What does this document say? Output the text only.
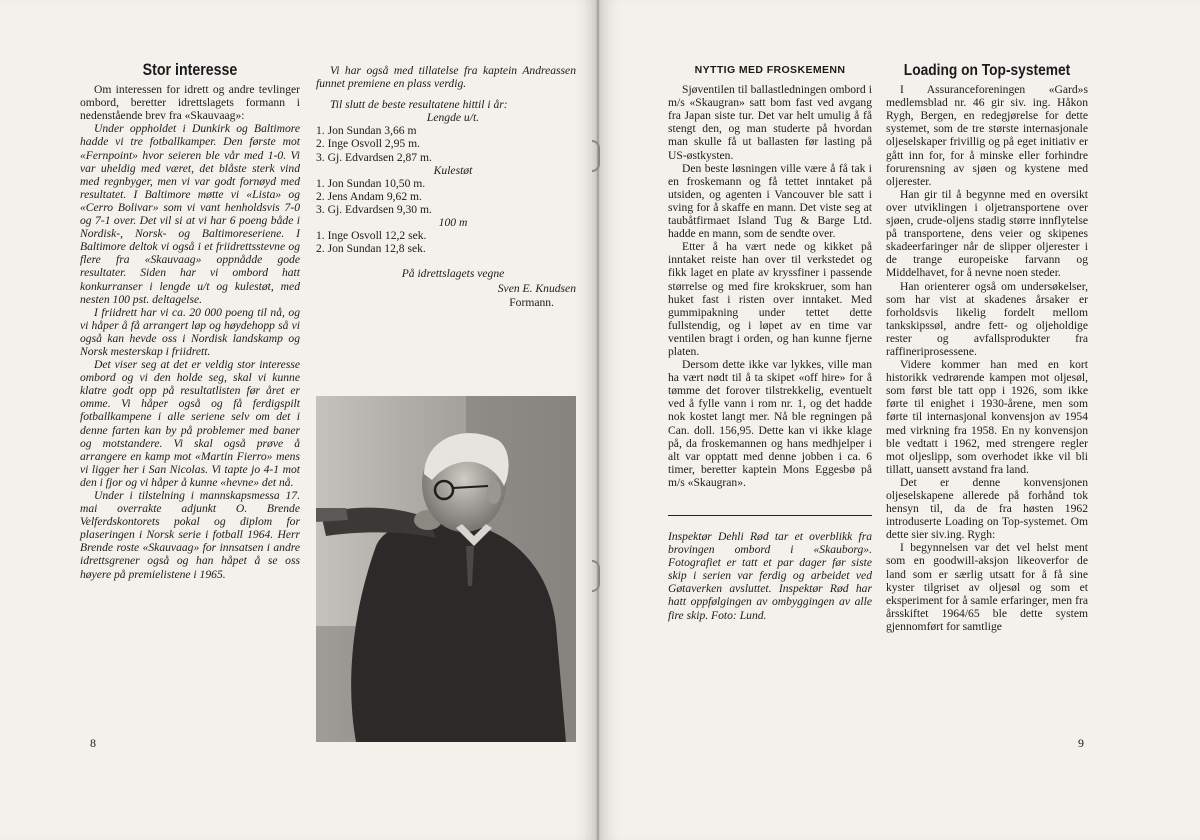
Stor interesse

Om interessen for idrett og andre tevlinger ombord, beretter idrettslagets formann i nedenstående brev fra «Skauvaag»:

Under oppholdet i Dunkirk og Baltimore hadde vi tre fotballkamper. Den første mot «Fernpoint» hvor seieren ble vår med 1-0. Vi var uheldig med været, det blåste sterk vind med regnbyger, men vi var godt fornøyd med resultatet. I Baltimore møtte vi «Lista» og «Cerro Bolivar» som vi vant henholdsvis 7-0 og 7-1 over. Det vil si at vi har 6 poeng både i Nordisk-, Norsk- og Baltimoreseriene. I Baltimore deltok vi også i et friidrettsstevne og flere fra «Skauvaag» oppnådde gode resultater. Siden har vi ombord hatt konkurranser i lengde u/t og kulestøt, med nesten 100 pst. deltagelse.

I friidrett har vi ca. 20 000 poeng til nå, og vi håper å få arrangert løp og høydehopp så vi også kan hevde oss i Nordisk landskamp og Norsk mesterskap i friidrett.

Det viser seg at det er veldig stor interesse ombord og vi den holde seg, skal vi kunne klatre godt opp på resultatlisten før året er omme. Vi håper også og få ferdigspilt fotballkampene i alle seriene selv om det i denne farten kan by på problemer med baner og motstandere. Vi skal også prøve å arrangere en kamp mot «Martin Fierro» mens vi ligger her i San Nicolas. Vi tapte jo 4-1 mot den i fjor og vi håper å kunne «hevne» det nå.

Under i tilstelning i mannskapsmessa 17. mai overrakte adjunkt O. Brende Velferdskontorets pokal og diplom for plaseringen i Norsk serie i fotball 1964. Herr Brende roste «Skauvaag» for innsatsen i andre idrettsgrener også og han håpet å se oss høyere på premielistene i 1965.

Vi har også med tillatelse fra kaptein Andreassen funnet premiene en plass verdig.

Til slutt de beste resultatene hittil i år:

Lengde u/t.

1. Jon Sundan 3,66 m
2. Inge Osvoll 2,95 m.
3. Gj. Edvardsen 2,87 m.

Kulestøt

1. Jon Sundan 10,50 m.
2. Jens Andam 9,62 m.
3. Gj. Edvardsen 9,30 m.

100 m

1. Inge Osvoll 12,2 sek.
2. Jon Sundan 12,8 sek.

På idrettslagets vegne

Sven E. Knudsen
Formann.

8
NYTTIG MED FROSKEMENN

Sjøventilen til ballastledningen ombord i m/s «Skaugran» satt bom fast ved avgang fra Japan siste tur. Det var helt umulig å få stengt den, og man studerte på hvordan man skulle få ut ballasten før lasting på US-østkysten.

Den beste løsningen ville være å få tak i en froskemann og få tettet inntaket på utsiden, og agenten i Vancouver ble satt i sving for å skaffe en mann. Det viste seg at taubåtfirmaet Island Tug & Barge Ltd. hadde en mann, som de sendte over.

Etter å ha vært nede og kikket på inntaket reiste han over til verkstedet og fikk laget en plate av kryssfiner i passende størrelse og med fire krokskruer, som han huket fast i risten over inntaket. Med gummipakning under tettet dette fullstendig, og i løpet av en time var ventilen bragt i orden, og han kunne fjerne platen.

Dersom dette ikke var lykkes, ville man ha vært nødt til å ta skipet «off hire» for å tømme det forover tilstrekkelig, eventuelt ved å fylle vann i rom nr. 1, og det hadde nok kostet langt mer. Nå ble regningen på Can. doll. 156,95. Dette kan vi ikke klage på, da froskemannen og hans medhjelper i alt var opptatt med denne jobben i ca. 6 timer, beretter kaptein Mons Eggesbø på m/s «Skaugran».

Inspektør Dehli Rød tar et overblikk fra brovingen ombord i «Skauborg». Fotografiet er tatt et par dager før siste skip i serien var ferdig og arbeidet ved Gøtaverken avsluttet. Inspektør Rød har hatt oppfølgingen av ombyggingen av alle fire skip. Foto: Lund.

Loading on Top-systemet

I Assuranceforeningen «Gard»s medlemsblad nr. 46 gir siv. ing. Håkon Rygh, Bergen, en redegjørelse for dette systemet, som de tre største internasjonale oljeselskaper frivillig og på eget initiativ er gått inn for, for å minske eller forhindre forurensning av sjøen og kystene med oljerester.

Han gir til å begynne med en oversikt over utviklingen i oljetransportene over sjøen, crude-oljens stadig større innflytelse på transportene, dens veier og skipenes skadeerfaringer når de slipper oljerester i de trange europeiske farvann og Middelhavet, for å nevne noen steder.

Han orienterer også om undersøkelser, som har vist at skadenes årsaker er forholdsvis likelig fordelt mellom tankskipssøl, andre fett- og oljeholdige rester og avfallsprodukter fra raffineriprosessene.

Videre kommer han med en kort historikk vedrørende kampen mot oljesøl, som først ble tatt opp i 1926, som ikke førte til enighet i 1930-årene, men som førte til internasjonal konvensjon av 1954 med virkning fra 1958. En ny konvensjon ble vedtatt i 1962, med strengere regler mot oljeslipp, som overhodet ikke vil bli tillatt, uansett avstand fra land.

Det er denne konvensjonen oljeselskapene allerede på forhånd tok hensyn til, da de fra høsten 1962 introduserte Loading on Top-systemet. Om dette sier siv.ing. Rygh:

I begynnelsen var det vel helst ment som en goodwill-aksjon likeoverfor de land som er særlig utsatt for å få sine kyster tilgriset av oljesøl og som et eksperiment for å samle erfaringer, men fra årsskiftet 1964/65 ble dette system gjennomført for samtlige

9
